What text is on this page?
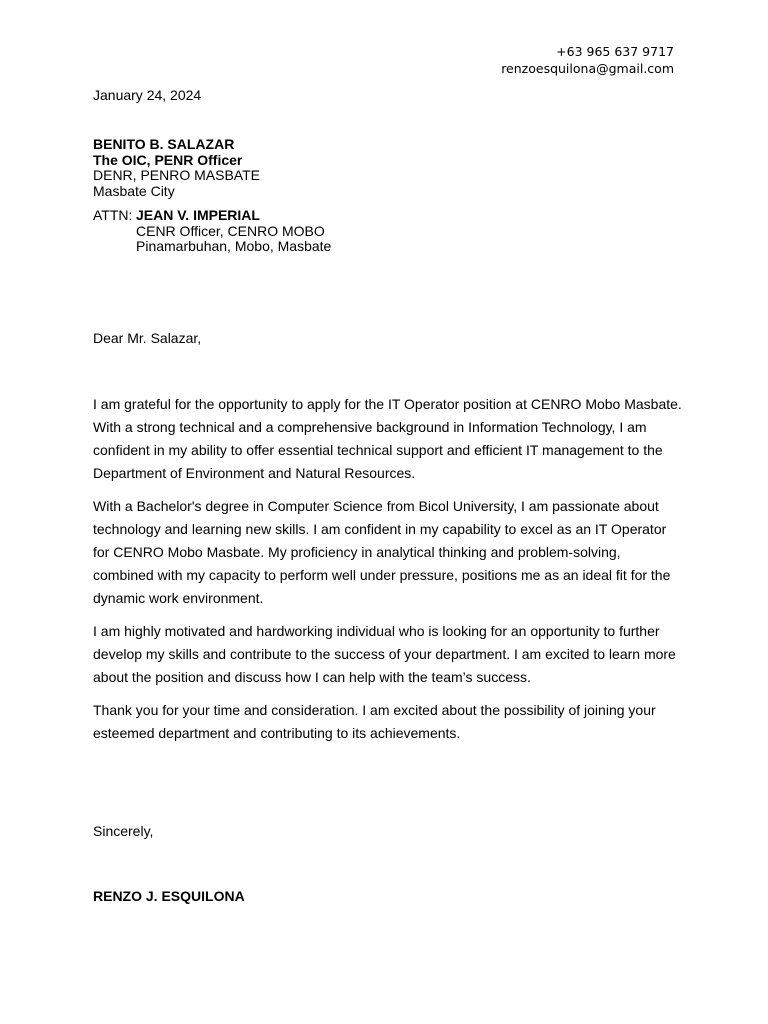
+63 965 637 9717
renzoesquilona@gmail.com
January 24, 2024
BENITO B. SALAZAR
The OIC, PENR Officer
DENR, PENRO MASBATE
Masbate City
ATTN: JEAN V. IMPERIAL
CENR Officer, CENRO MOBO
Pinamarbuhan, Mobo, Masbate
Dear Mr. Salazar,

I am grateful for the opportunity to apply for the IT Operator position at CENRO Mobo Masbate. With a strong technical and a comprehensive background in Information Technology, I am confident in my ability to offer essential technical support and efficient IT management to the Department of Environment and Natural Resources.

With a Bachelor's degree in Computer Science from Bicol University, I am passionate about technology and learning new skills. I am confident in my capability to excel as an IT Operator for CENRO Mobo Masbate. My proficiency in analytical thinking and problem-solving, combined with my capacity to perform well under pressure, positions me as an ideal fit for the dynamic work environment.

I am highly motivated and hardworking individual who is looking for an opportunity to further develop my skills and contribute to the success of your department. I am excited to learn more about the position and discuss how I can help with the team’s success.

Thank you for your time and consideration. I am excited about the possibility of joining your esteemed department and contributing to its achievements.

Sincerely,
RENZO J. ESQUILONA
